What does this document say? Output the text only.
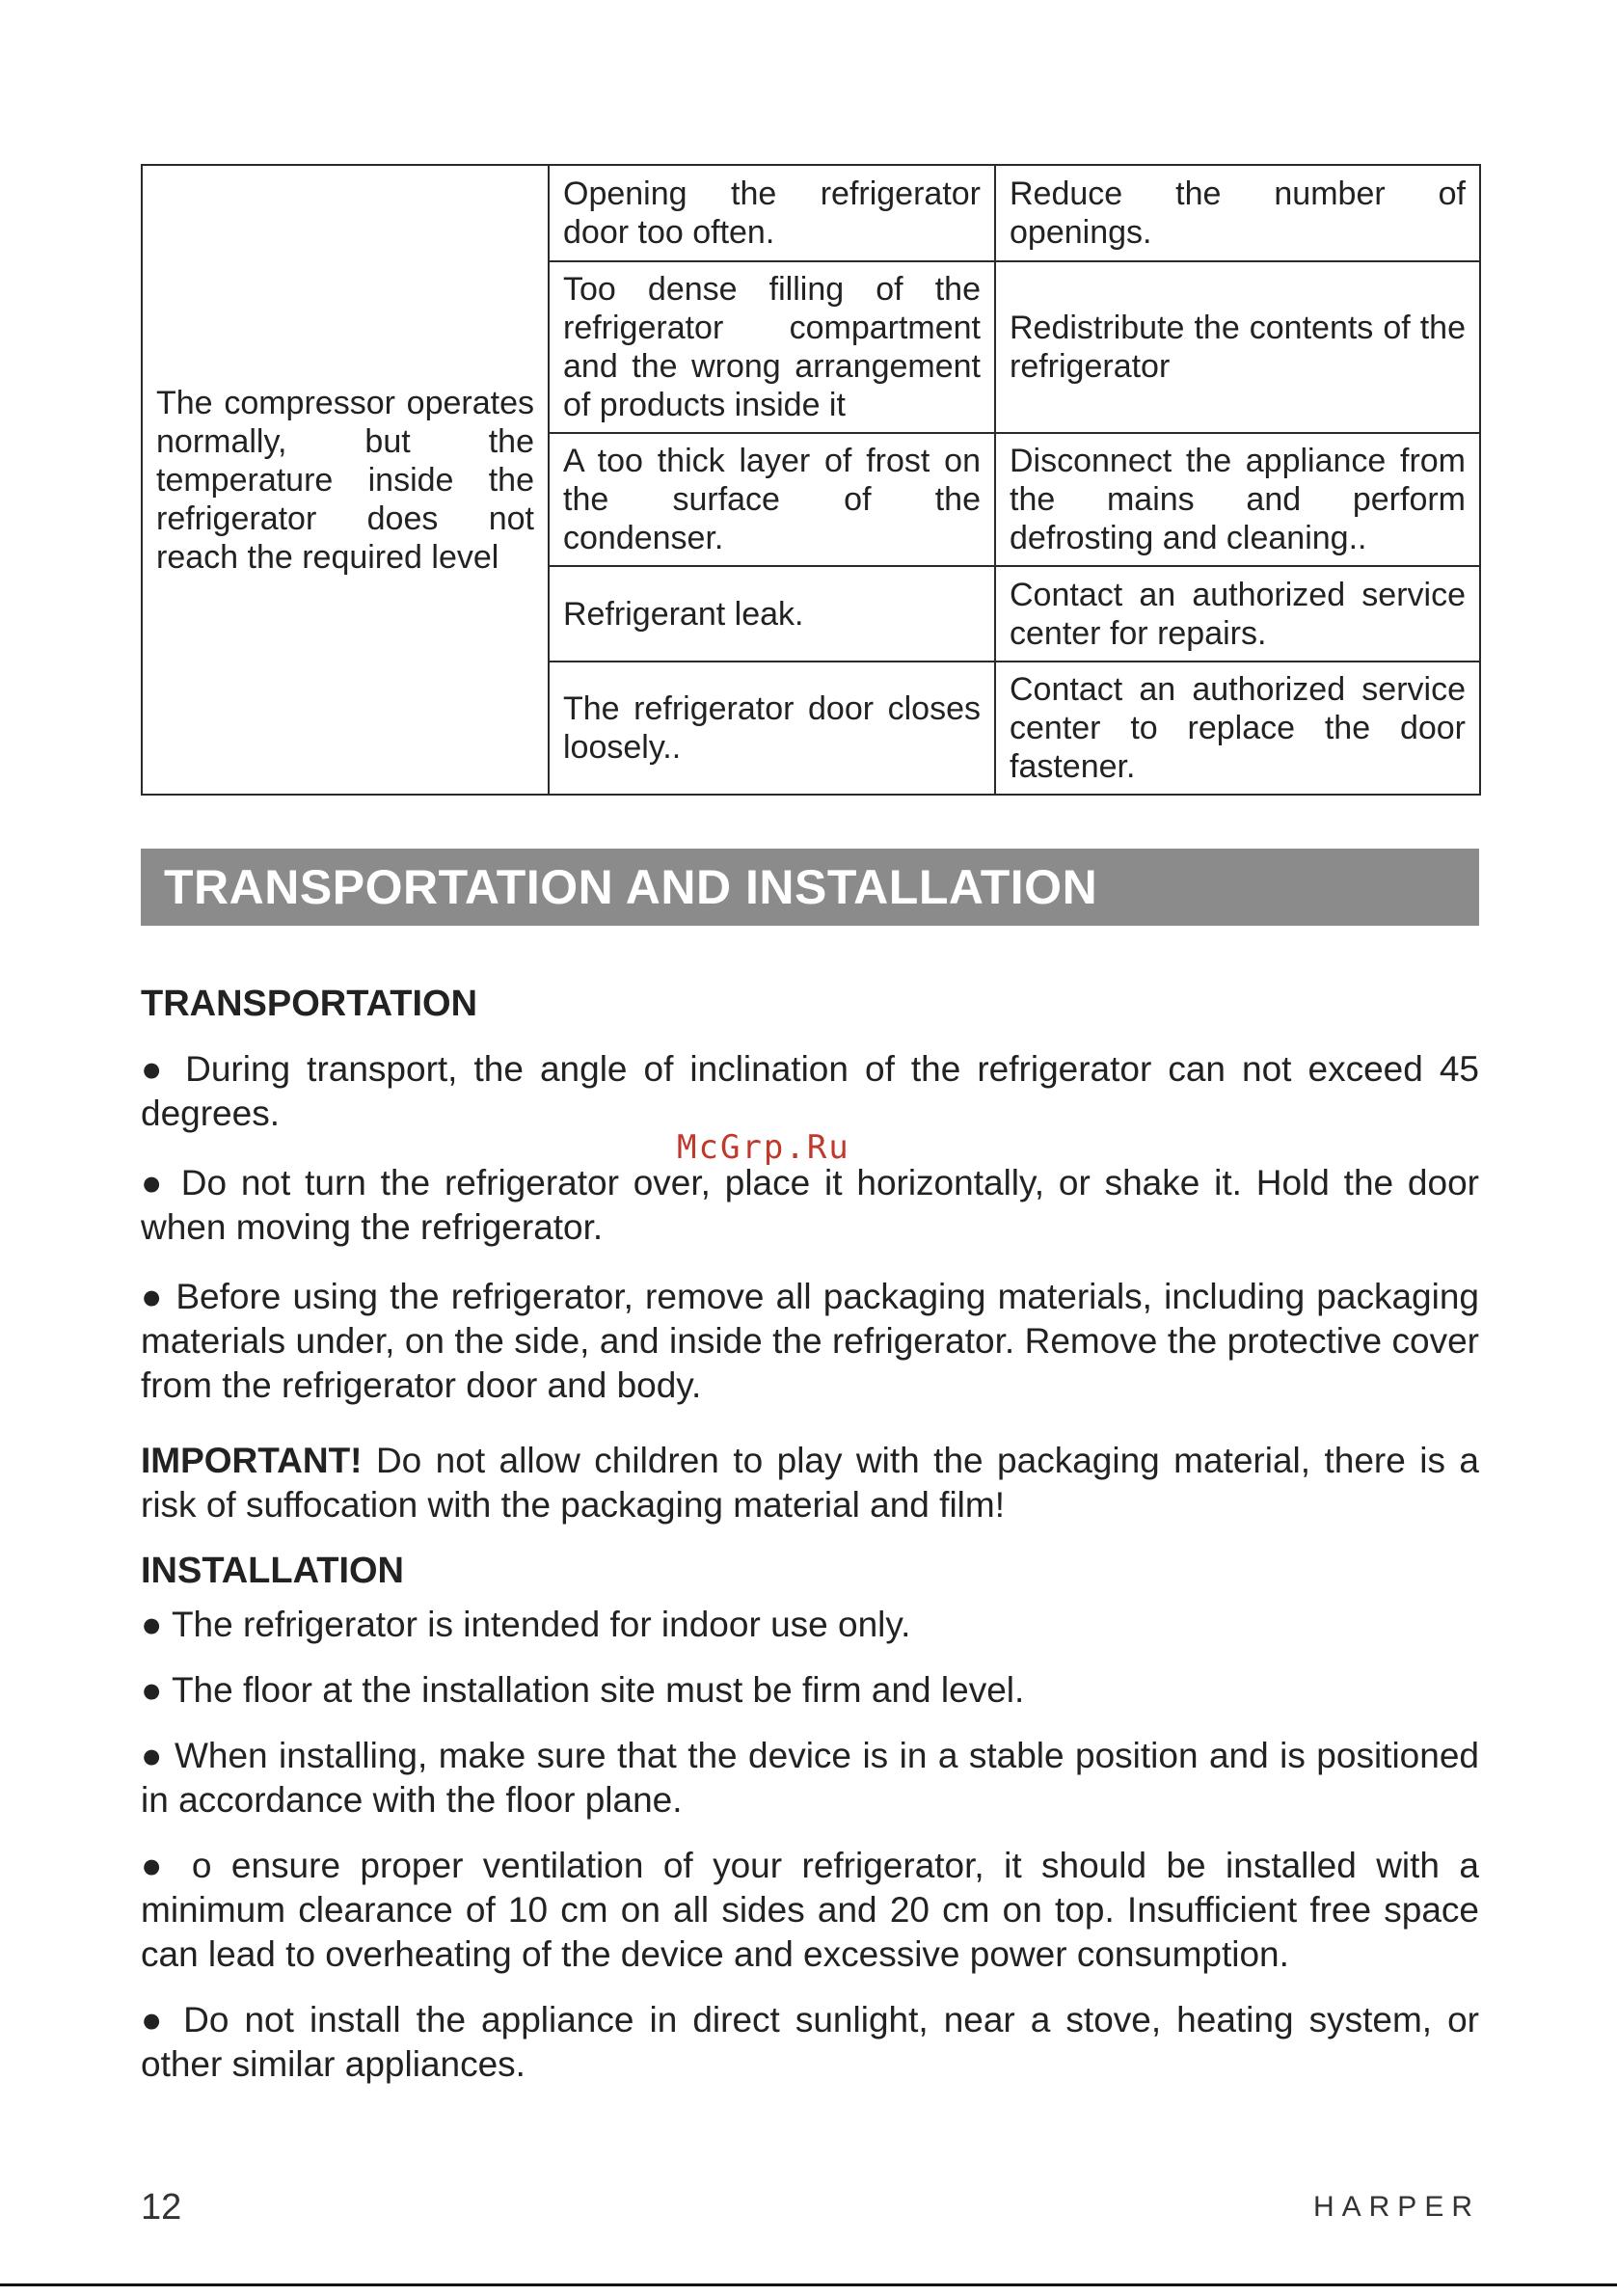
The compressor operates normally, but the temperature inside the refrigerator does not reach the required level	Opening the refrigerator door too often.	Reduce the number of openings.
	Too dense filling of the refrigerator compartment and the wrong arrangement of products inside it	Redistribute the contents of the refrigerator
	A too thick layer of frost on the surface of the condenser.	Disconnect the appliance from the mains and perform defrosting and cleaning..
	Refrigerant leak.	Contact an authorized service center for repairs.
	The refrigerator door closes loosely..	Contact an authorized service center to replace the door fastener.
TRANSPORTATION AND INSTALLATION

TRANSPORTATION

● During transport, the angle of inclination of the refrigerator can not exceed 45 degrees.

● Do not turn the refrigerator over, place it horizontally, or shake it. Hold the door when moving the refrigerator.

● Before using the refrigerator, remove all packaging materials, including packaging materials under, on the side, and inside the refrigerator. Remove the protective cover from the refrigerator door and body.

IMPORTANT! Do not allow children to play with the packaging material, there is a risk of suffocation with the packaging material and film!

INSTALLATION

● The refrigerator is intended for indoor use only.

● The floor at the installation site must be firm and level.

● When installing, make sure that the device is in a stable position and is positioned in accordance with the floor plane.

● o ensure proper ventilation of your refrigerator, it should be installed with a minimum clearance of 10 cm on all sides and 20 cm on top. Insufficient free space can lead to overheating of the device and excessive power consumption.

● Do not install the appliance in direct sunlight, near a stove, heating system, or other similar appliances.

McGrp.Ru
12	HARPER
